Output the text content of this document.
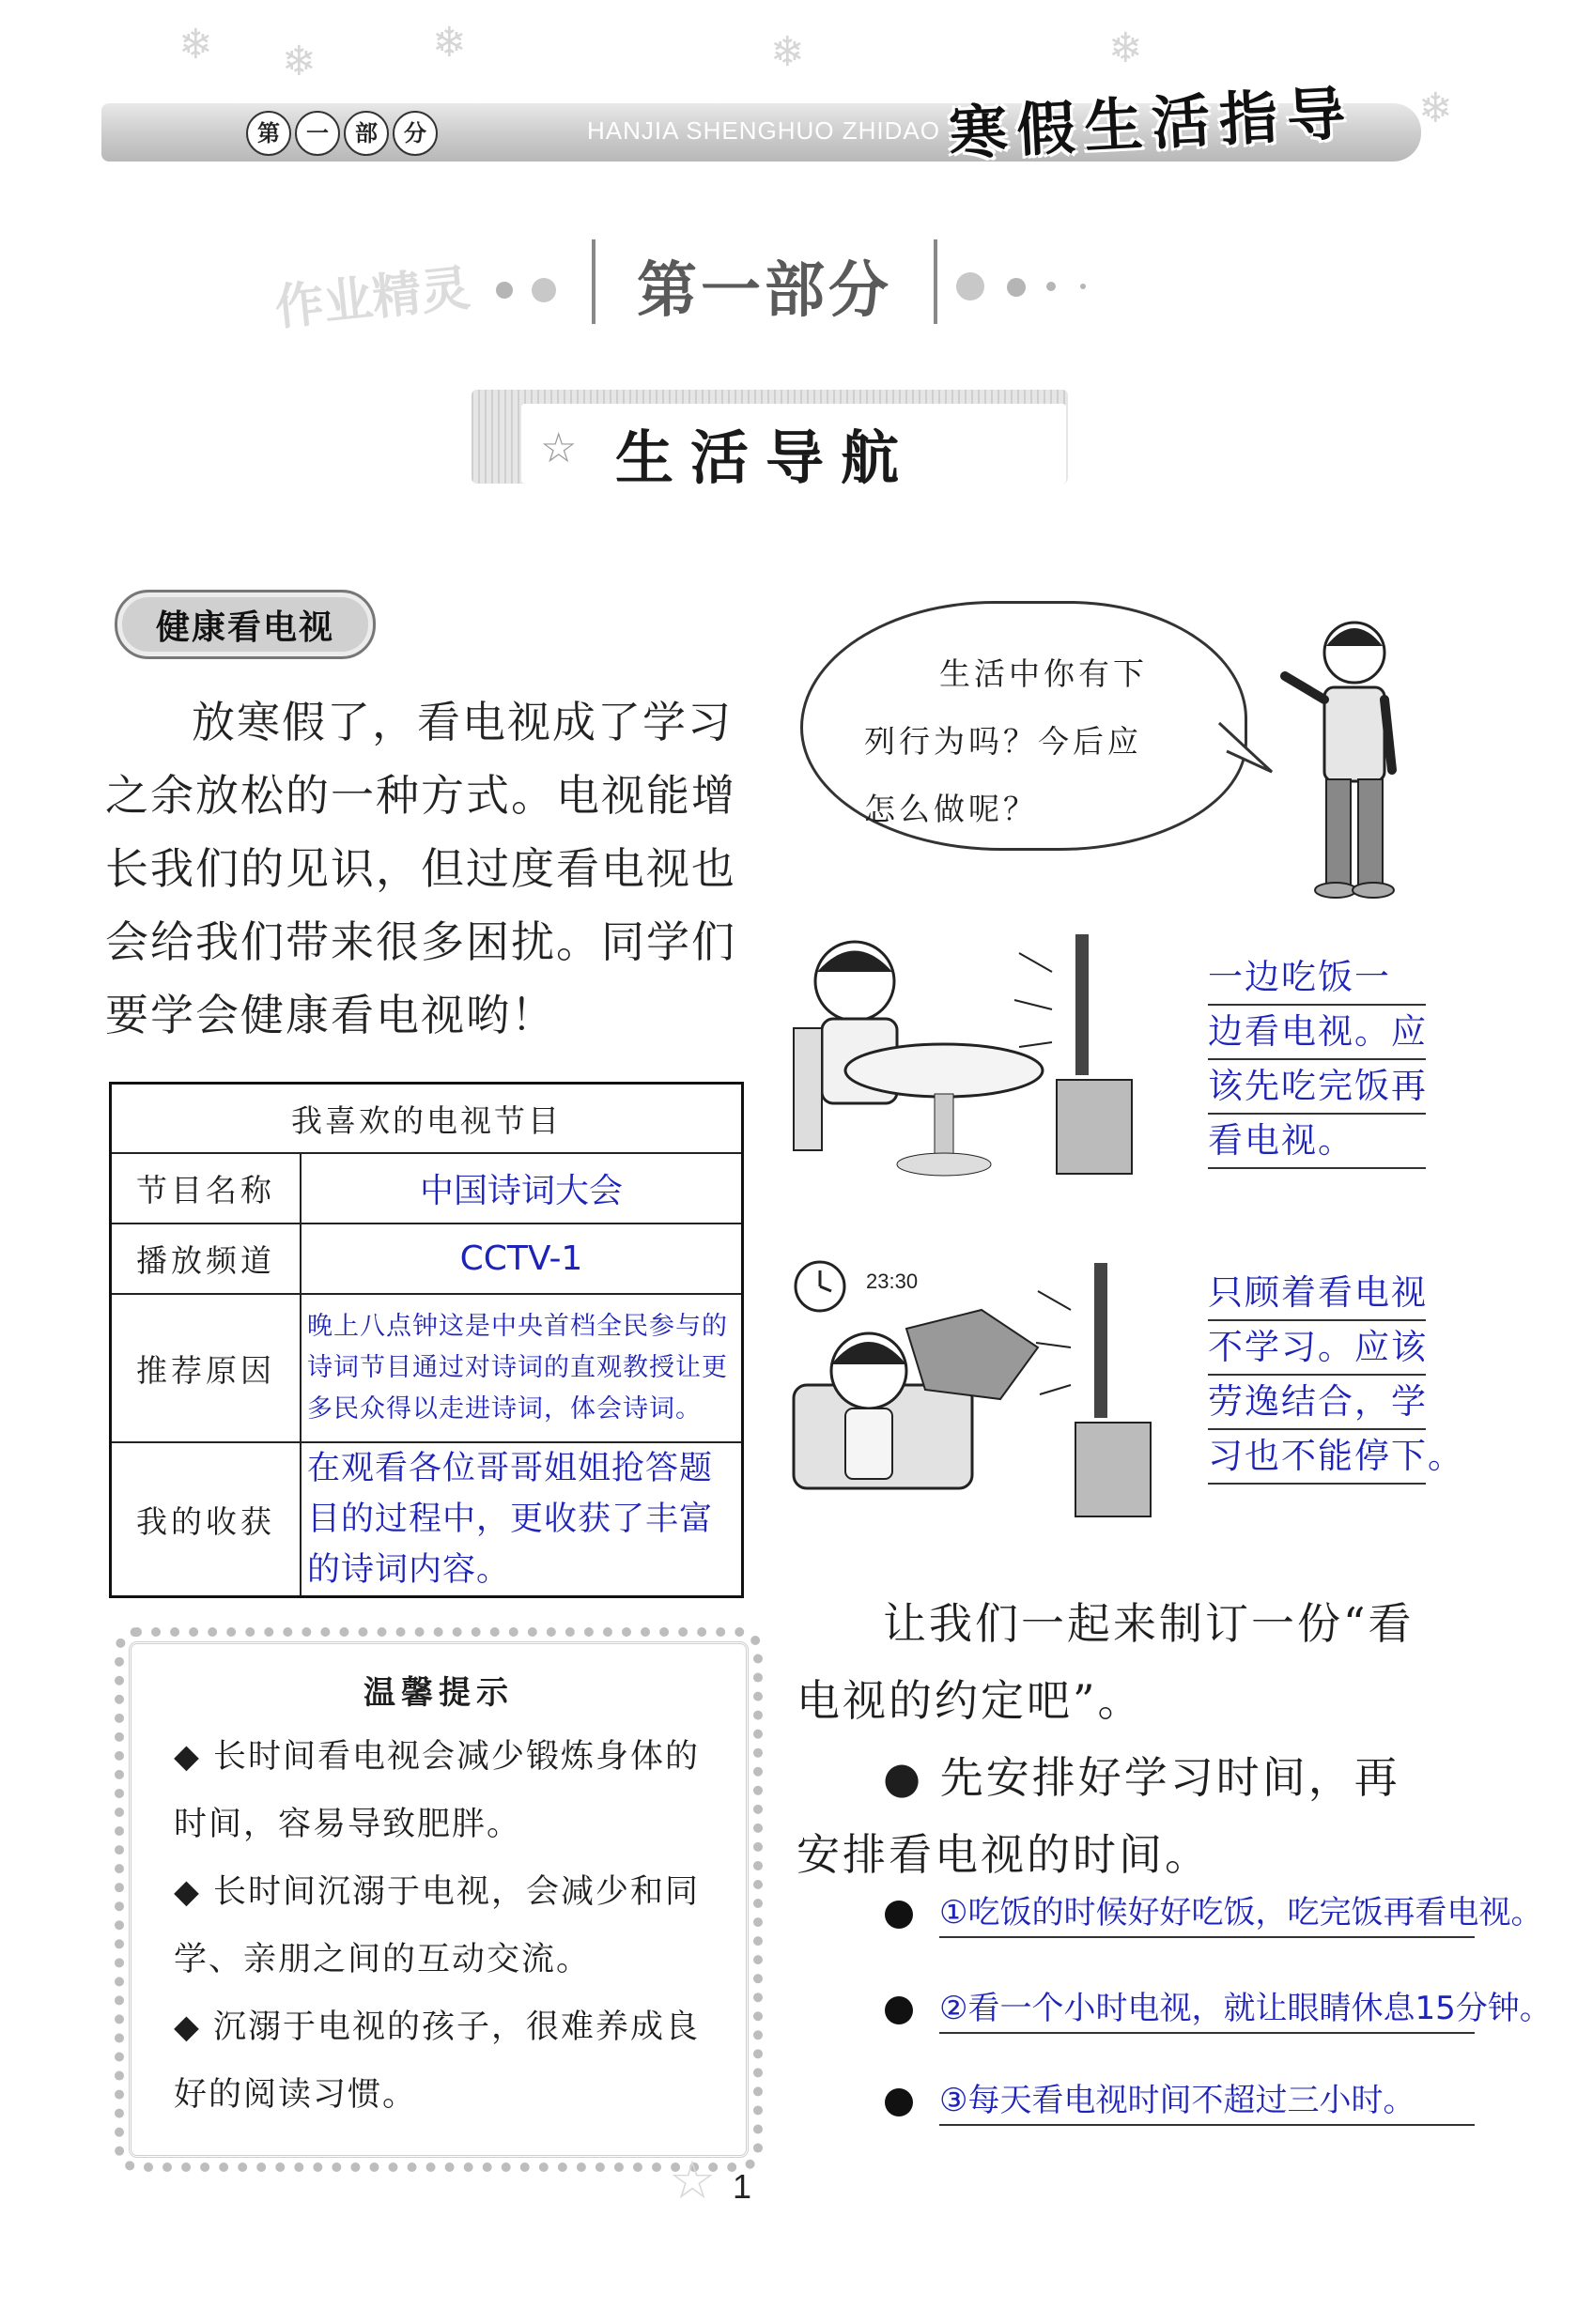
❄ ❄	❄	❄	❄
❄
第	一	部	分	HANJIA SHENGHUO ZHIDAO 寒假生活指导
作业精灵	第一部分
☆ 生活导航
健康看电视
放寒假了，看电视成了学习之余放松的一种方式。电视能增长我们的见识，但过度看电视也会给我们带来很多困扰。同学们要学会健康看电视哟！
我喜欢的电视节目	
节目名称	中国诗词大会
播放频道	CCTV-1
推荐原因	晚上八点钟这是中央首档全民参与的诗词节目通过对诗词的直观教授让更多民众得以走进诗词，体会诗词。
我的收获	在观看各位哥哥姐姐抢答题目的过程中，更收获了丰富的诗词内容。
温馨提示
◆ 长时间看电视会减少锻炼身体的时间，容易导致肥胖。
◆ 长时间沉溺于电视，会减少和同学、亲朋之间的互动交流。
◆ 沉溺于电视的孩子，很难养成良好的阅读习惯。
生活中你有下
列行为吗？今后应
怎么做呢？
一边吃饭一
边看电视。应
该先吃完饭再
看电视。
23:30	只顾着看电视
不学习。应该
劳逸结合，学
习也不能停下。
让我们一起来制订一份“看电视的约定吧”。
● 先安排好学习时间，再安排看电视的时间。
①吃饭的时候好好吃饭，吃完饭再看电视。
②看一个小时电视，就让眼睛休息15分钟。
③每天看电视时间不超过三小时。
☆ 1
